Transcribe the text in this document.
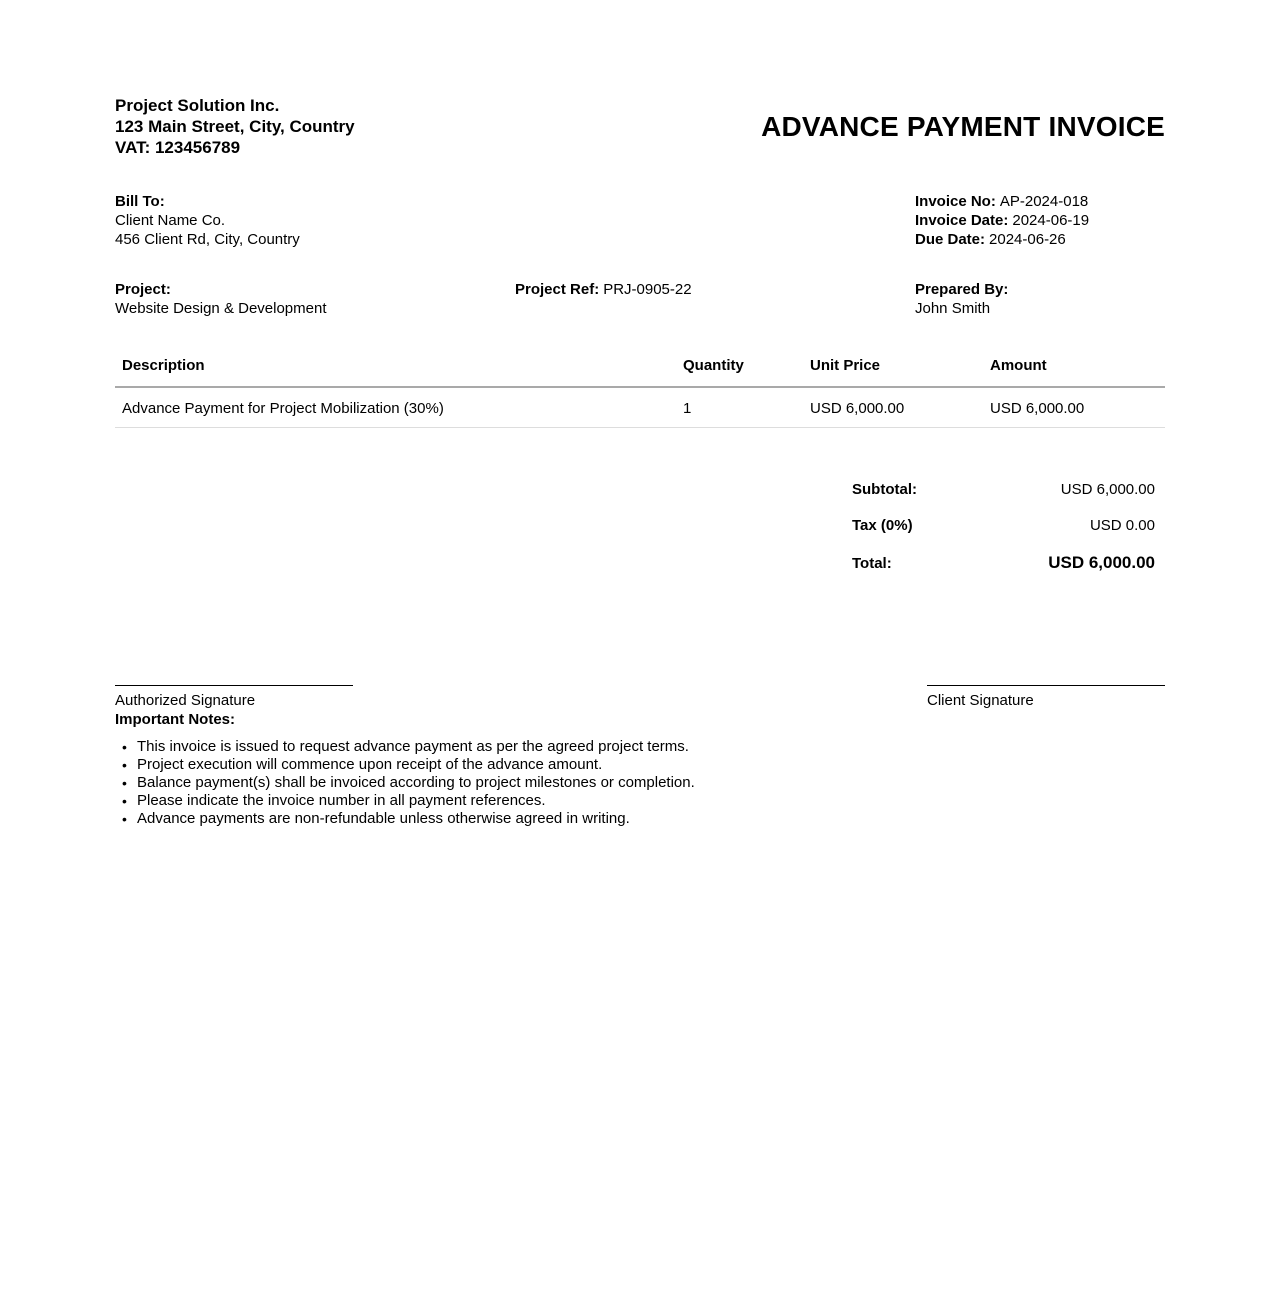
Project Solution Inc.
123 Main Street, City, Country
VAT: 123456789
ADVANCE PAYMENT INVOICE
Bill To:
Client Name Co.
456 Client Rd, City, Country
Invoice No: AP-2024-018
Invoice Date: 2024-06-19
Due Date: 2024-06-26
Project:
Website Design & Development
Project Ref: PRJ-0905-22	Prepared By:
John Smith
Description	Quantity	Unit Price	Amount
Advance Payment for Project Mobilization (30%)	1	USD 6,000.00	USD 6,000.00
Subtotal:	USD 6,000.00
Tax (0%)	USD 0.00
Total:	USD 6,000.00
Authorized Signature	Client Signature
Important Notes:
• This invoice is issued to request advance payment as per the agreed project terms.
• Project execution will commence upon receipt of the advance amount.
• Balance payment(s) shall be invoiced according to project milestones or completion.
• Please indicate the invoice number in all payment references.
• Advance payments are non-refundable unless otherwise agreed in writing.
